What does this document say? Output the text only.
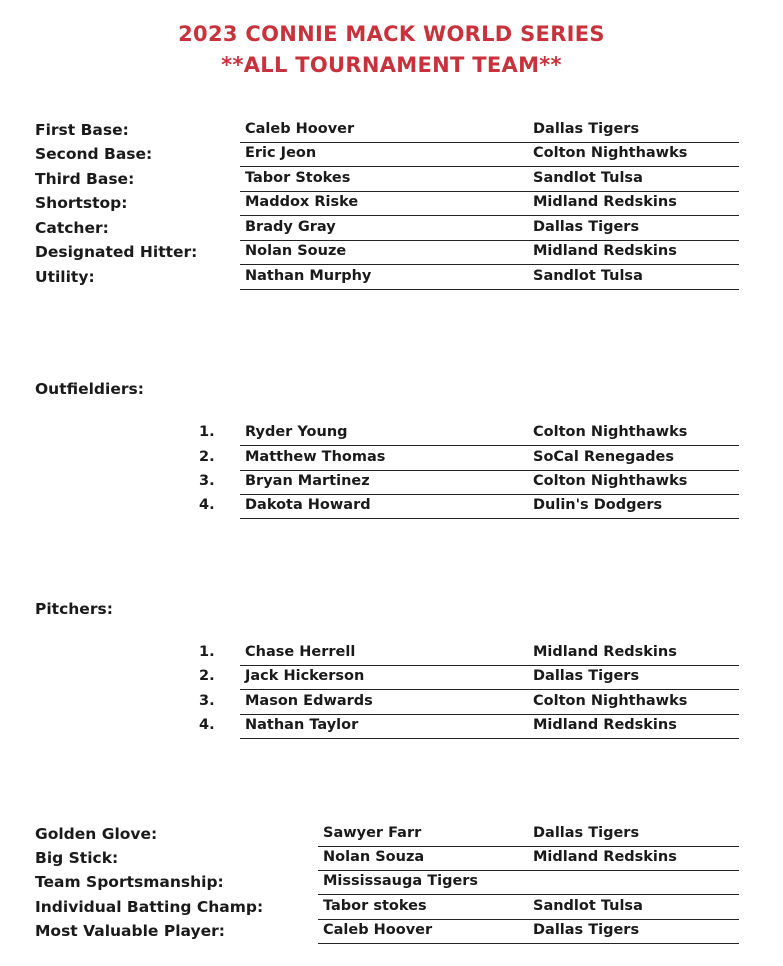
2023 CONNIE MACK WORLD SERIES
**ALL TOURNAMENT TEAM**
First Base:	Caleb Hoover	Dallas Tigers
Second Base:	Eric Jeon	Colton Nighthawks
Third Base:	Tabor Stokes	Sandlot Tulsa
Shortstop:	Maddox Riske	Midland Redskins
Catcher:	Brady Gray	Dallas Tigers
Designated Hitter:	Nolan Souze	Midland Redskins
Utility:	Nathan Murphy	Sandlot Tulsa
Outfieldiers:
1.	Ryder Young	Colton Nighthawks
2.	Matthew Thomas	SoCal Renegades
3.	Bryan Martinez	Colton Nighthawks
4.	Dakota Howard	Dulin's Dodgers
Pitchers:
1.	Chase Herrell	Midland Redskins
2.	Jack Hickerson	Dallas Tigers
3.	Mason Edwards	Colton Nighthawks
4.	Nathan Taylor	Midland Redskins
Golden Glove:	Sawyer Farr	Dallas Tigers
Big Stick:	Nolan Souza	Midland Redskins
Team Sportsmanship:	Mississauga Tigers
Individual Batting Champ:	Tabor stokes	Sandlot Tulsa
Most Valuable Player:	Caleb Hoover	Dallas Tigers
